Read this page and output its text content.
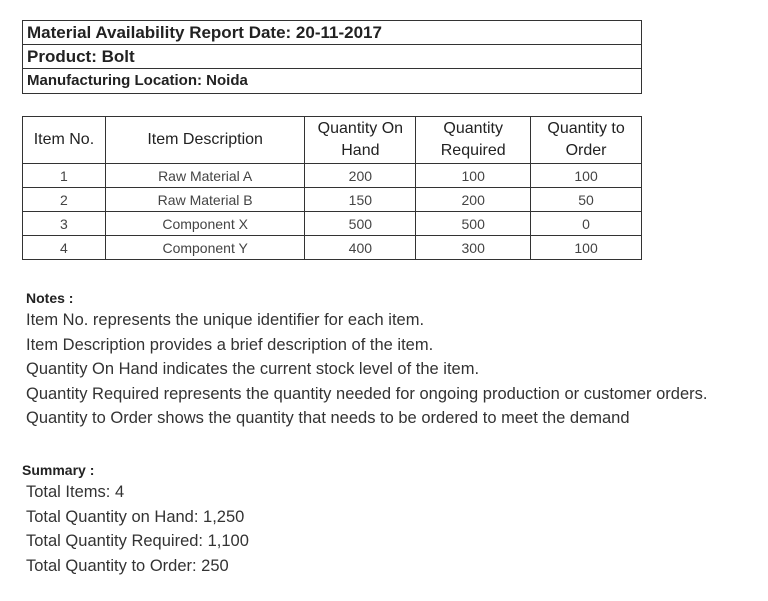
Material Availability Report Date: 20-11-2017
Product: Bolt
Manufacturing Location: Noida
Item No.	Item Description	Quantity On Hand	Quantity Required	Quantity to Order
1	Raw Material A	200	100	100
2	Raw Material B	150	200	50
3	Component X	500	500	0
4	Component Y	400	300	100
Notes :
Item No. represents the unique identifier for each item.
Item Description provides a brief description of the item.
Quantity On Hand indicates the current stock level of the item.
Quantity Required represents the quantity needed for ongoing production or customer orders.
Quantity to Order shows the quantity that needs to be ordered to meet the demand
Summary :
Total Items: 4
Total Quantity on Hand: 1,250
Total Quantity Required: 1,100
Total Quantity to Order: 250
